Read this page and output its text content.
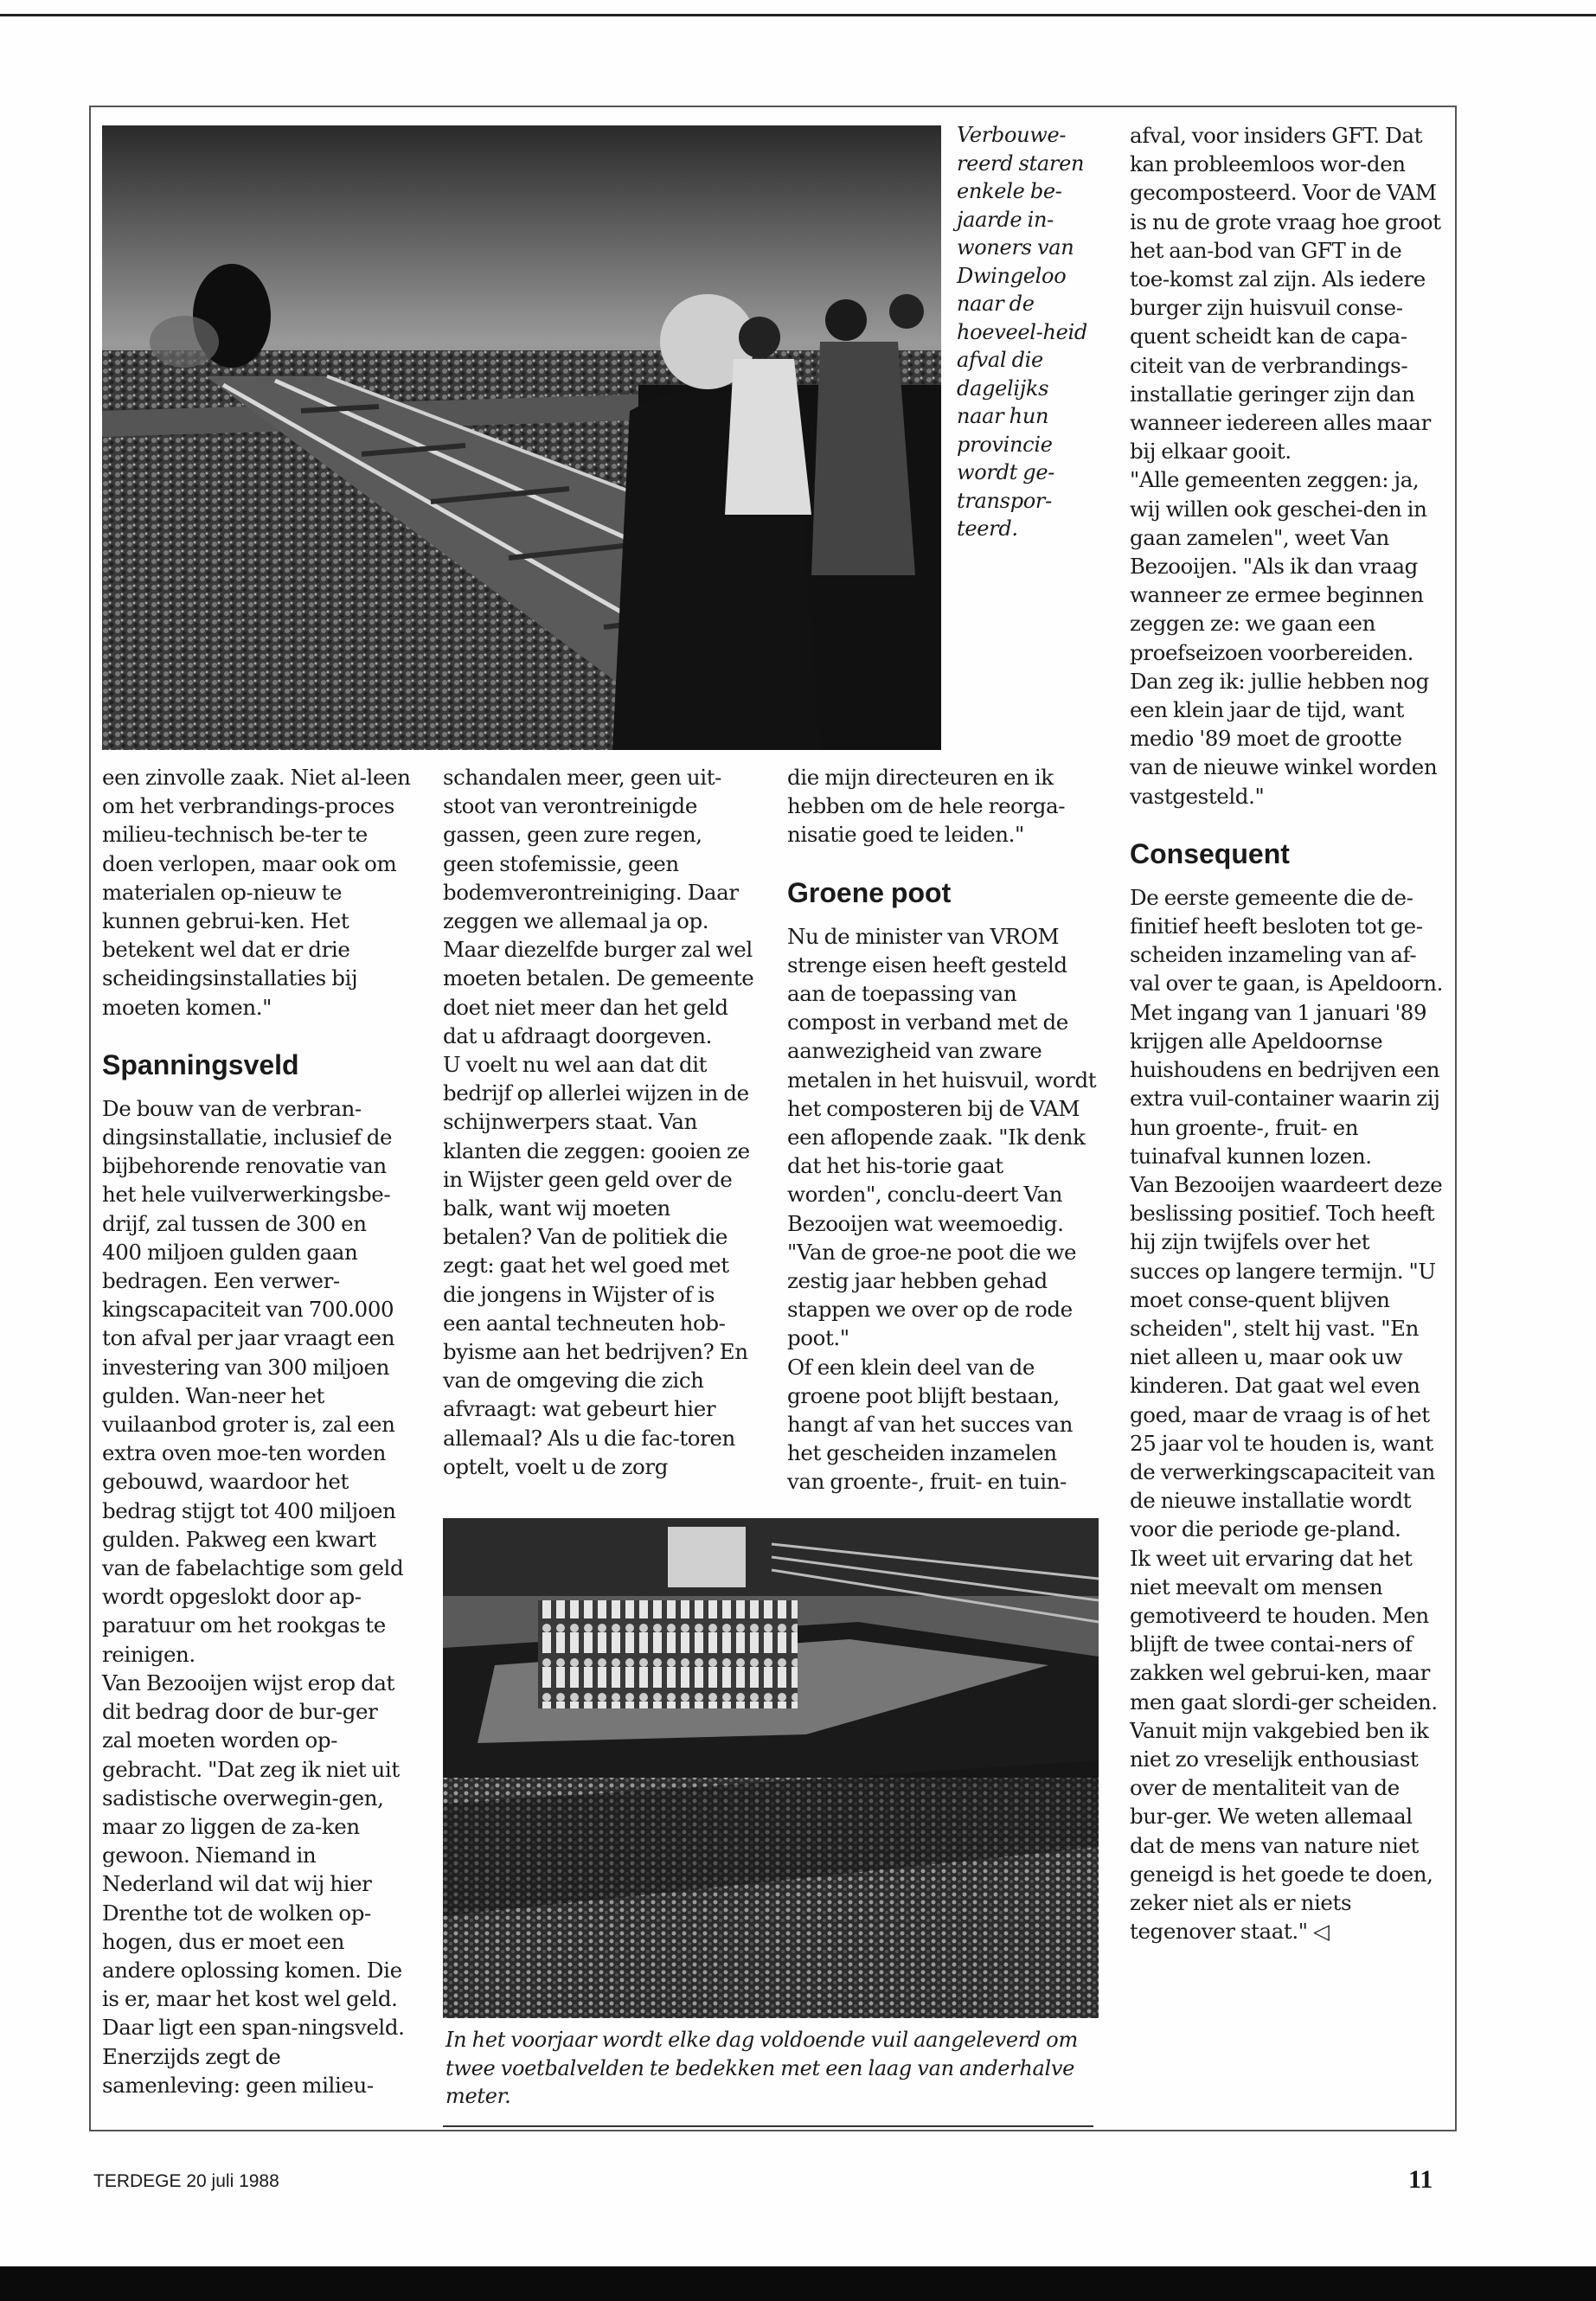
Verbouwe-reerd staren enkele be-jaarde in-woners van Dwingeloo naar de hoeveel-heid afval die dagelijks naar hun provincie wordt ge-transpor-teerd.

een zinvolle zaak. Niet al-leen om het verbrandings-proces milieu-technisch be-ter te doen verlopen, maar ook om materialen op-nieuw te kunnen gebrui-ken. Het betekent wel dat er drie scheidingsinstallaties bij moeten komen."

Spanningsveld

De bouw van de verbran-dingsinstallatie, inclusief de bijbehorende renovatie van het hele vuilverwerkingsbe-drijf, zal tussen de 300 en 400 miljoen gulden gaan bedragen. Een verwer-kingscapaciteit van 700.000 ton afval per jaar vraagt een investering van 300 miljoen gulden. Wan-neer het vuilaanbod groter is, zal een extra oven moe-ten worden gebouwd, waardoor het bedrag stijgt tot 400 miljoen gulden. Pakweg een kwart van de fabelachtige som geld wordt opgeslokt door ap-paratuur om het rookgas te reinigen.

Van Bezooijen wijst erop dat dit bedrag door de bur-ger zal moeten worden op-gebracht. "Dat zeg ik niet uit sadistische overwegin-gen, maar zo liggen de za-ken gewoon. Niemand in Nederland wil dat wij hier Drenthe tot de wolken op-hogen, dus er moet een andere oplossing komen. Die is er, maar het kost wel geld. Daar ligt een span-ningsveld. Enerzijds zegt de samenleving: geen milieu-

schandalen meer, geen uit-stoot van verontreinigde gassen, geen zure regen, geen stofemissie, geen bodemverontreiniging. Daar zeggen we allemaal ja op. Maar diezelfde burger zal wel moeten betalen. De gemeente doet niet meer dan het geld dat u afdraagt doorgeven.

U voelt nu wel aan dat dit bedrijf op allerlei wijzen in de schijnwerpers staat. Van klanten die zeggen: gooien ze in Wijster geen geld over de balk, want wij moeten betalen? Van de politiek die zegt: gaat het wel goed met die jongens in Wijster of is een aantal techneuten hob-byisme aan het bedrijven? En van de omgeving die zich afvraagt: wat gebeurt hier allemaal? Als u die fac-toren optelt, voelt u de zorg

die mijn directeuren en ik hebben om de hele reorga-nisatie goed te leiden."

Groene poot

Nu de minister van VROM strenge eisen heeft gesteld aan de toepassing van compost in verband met de aanwezigheid van zware metalen in het huisvuil, wordt het composteren bij de VAM een aflopende zaak. "Ik denk dat het his-torie gaat worden", conclu-deert Van Bezooijen wat weemoedig. "Van de groe-ne poot die we zestig jaar hebben gehad stappen we over op de rode poot."

Of een klein deel van de groene poot blijft bestaan, hangt af van het succes van het gescheiden inzamelen van groente-, fruit- en tuin-

afval, voor insiders GFT. Dat kan probleemloos wor-den gecomposteerd. Voor de VAM is nu de grote vraag hoe groot het aan-bod van GFT in de toe-komst zal zijn. Als iedere burger zijn huisvuil conse-quent scheidt kan de capa-citeit van de verbrandings-installatie geringer zijn dan wanneer iedereen alles maar bij elkaar gooit.

"Alle gemeenten zeggen: ja, wij willen ook geschei-den in gaan zamelen", weet Van Bezooijen. "Als ik dan vraag wanneer ze ermee beginnen zeggen ze: we gaan een proefseizoen voorbereiden. Dan zeg ik: jullie hebben nog een klein jaar de tijd, want medio '89 moet de grootte van de nieuwe winkel worden vastgesteld."

Consequent

De eerste gemeente die de-finitief heeft besloten tot ge-scheiden inzameling van af-val over te gaan, is Apeldoorn. Met ingang van 1 januari '89 krijgen alle Apeldoornse huishoudens en bedrijven een extra vuil-container waarin zij hun groente-, fruit- en tuinafval kunnen lozen.

Van Bezooijen waardeert deze beslissing positief. Toch heeft hij zijn twijfels over het succes op langere termijn. "U moet conse-quent blijven scheiden", stelt hij vast. "En niet alleen u, maar ook uw kinderen. Dat gaat wel even goed, maar de vraag is of het 25 jaar vol te houden is, want de verwerkingscapaciteit van de nieuwe installatie wordt voor die periode ge-pland.

Ik weet uit ervaring dat het niet meevalt om mensen gemotiveerd te houden. Men blijft de twee contai-ners of zakken wel gebrui-ken, maar men gaat slordi-ger scheiden. Vanuit mijn vakgebied ben ik niet zo vreselijk enthousiast over de mentaliteit van de bur-ger. We weten allemaal dat de mens van nature niet geneigd is het goede te doen, zeker niet als er niets tegenover staat." ◁

In het voorjaar wordt elke dag voldoende vuil aangeleverd om twee voetbalvelden te bedekken met een laag van anderhalve meter.
TERDEGE 20 juli 1988	11
